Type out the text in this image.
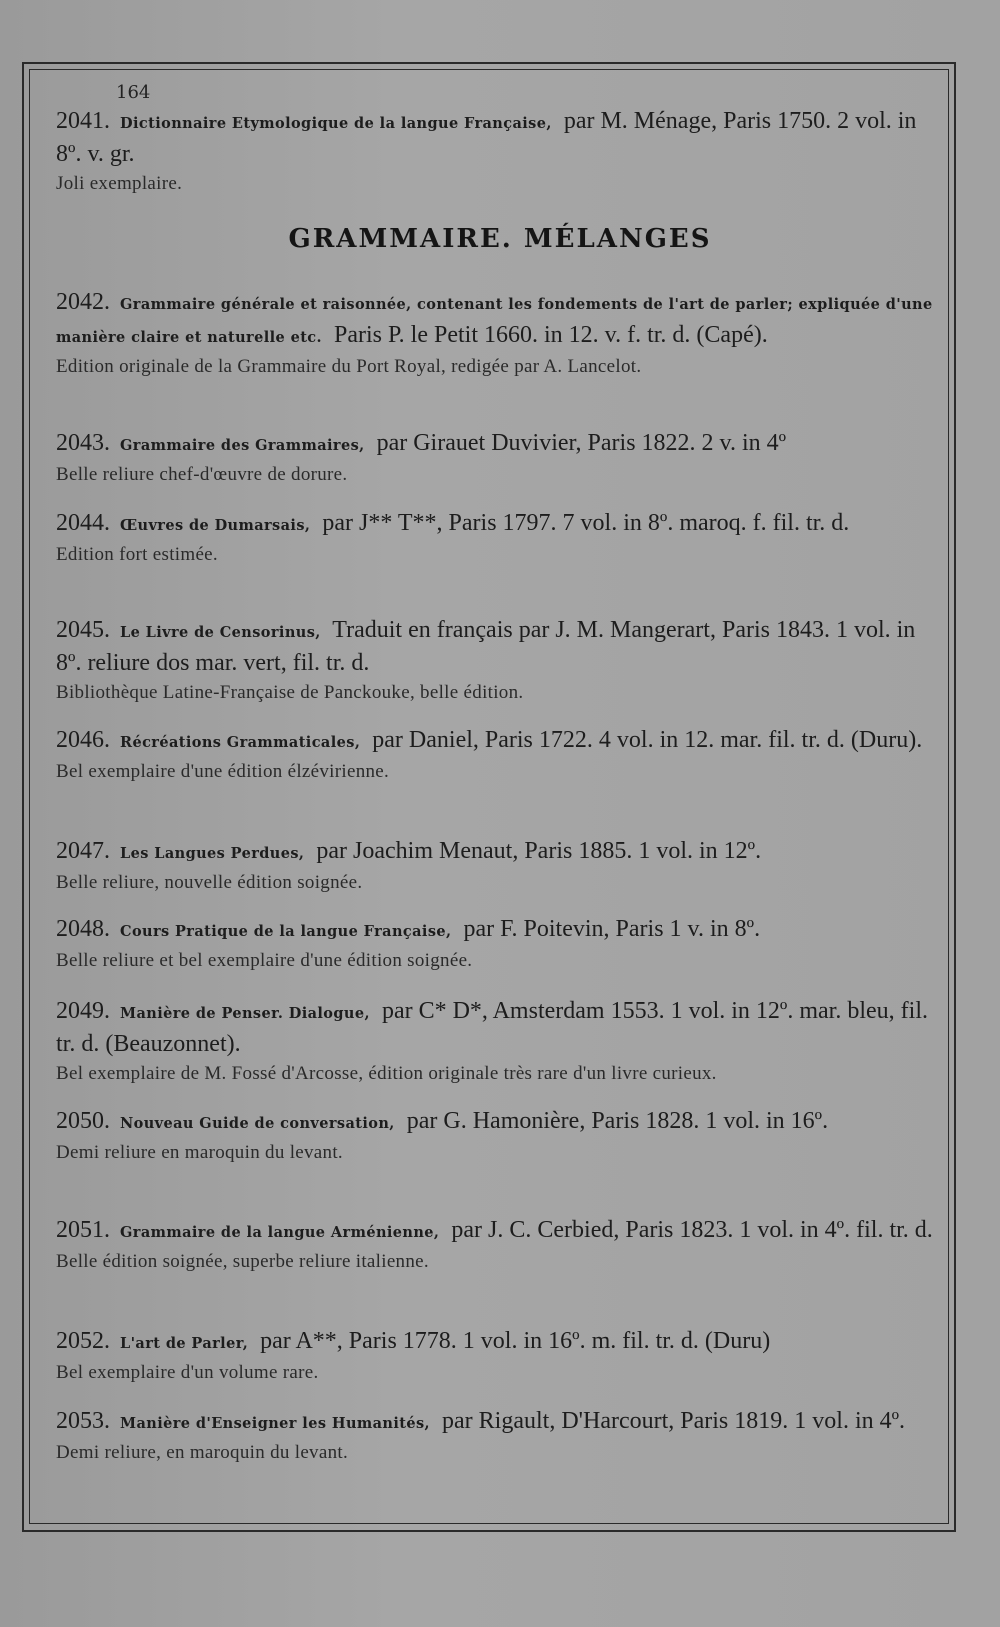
164
GRAMMAIRE. MÉLANGES
2041. Dictionnaire Etymologique de la langue Française, par M. Ménage, Paris 1750. 2 vol. in 8º. v. gr.
Joli exemplaire.
2042. Grammaire générale et raisonnée, contenant les fondements de l'art de parler; expliquée d'une manière claire et naturelle etc. Paris P. le Petit 1660. in 12. v. f. tr. d. (Capé).
Edition originale de la Grammaire du Port Royal, redigée par A. Lancelot.
2043. Grammaire des Grammaires, par Girauet Duvivier, Paris 1822. 2 v. in 4º
Belle reliure chef-d'œuvre de dorure.
2044. Œuvres de Dumarsais, par J** T**, Paris 1797. 7 vol. in 8º. maroq. f. fil. tr. d.
Edition fort estimée.
2045. Le Livre de Censorinus, Traduit en français par J. M. Mangerart, Paris 1843. 1 vol. in 8º. reliure dos mar. vert, fil. tr. d.
Bibliothèque Latine-Française de Panckouke, belle édition.
2046. Récréations Grammaticales, par Daniel, Paris 1722. 4 vol. in 12. mar. fil. tr. d. (Duru).
Bel exemplaire d'une édition élzévirienne.
2047. Les Langues Perdues, par Joachim Menaut, Paris 1885. 1 vol. in 12º.
Belle reliure, nouvelle édition soignée.
2048. Cours Pratique de la langue Française, par F. Poitevin, Paris 1 v. in 8º.
Belle reliure et bel exemplaire d'une édition soignée.
2049. Manière de Penser. Dialogue, par C* D*, Amsterdam 1553. 1 vol. in 12º. mar. bleu, fil. tr. d. (Beauzonnet).
Bel exemplaire de M. Fossé d'Arcosse, édition originale très rare d'un livre curieux.
2050. Nouveau Guide de conversation, par G. Hamonière, Paris 1828. 1 vol. in 16º.
Demi reliure en maroquin du levant.
2051. Grammaire de la langue Arménienne, par J. C. Cerbied, Paris 1823. 1 vol. in 4º. fil. tr. d.
Belle édition soignée, superbe reliure italienne.
2052. L'art de Parler, par A**, Paris 1778. 1 vol. in 16º. m. fil. tr. d. (Duru)
Bel exemplaire d'un volume rare.
2053. Manière d'Enseigner les Humanités, par Rigault, D'Harcourt, Paris 1819. 1 vol. in 4º.
Demi reliure, en maroquin du levant.
